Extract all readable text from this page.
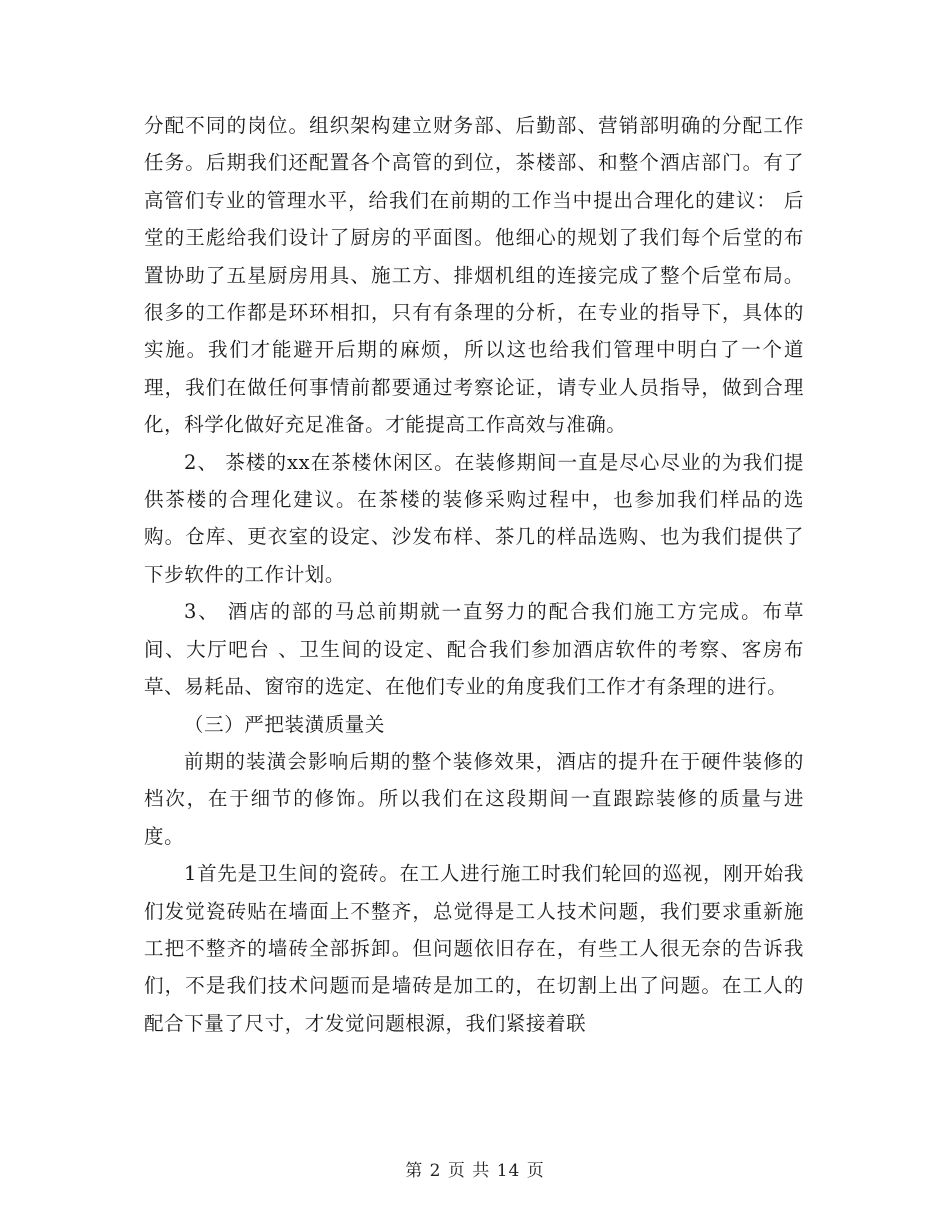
分配不同的岗位。组织架构建立财务部、后勤部、营销部明确的分配工作任务。后期我们还配置各个高管的到位，茶楼部、和整个酒店部门。有了高管们专业的管理水平，给我们在前期的工作当中提出合理化的建议： 后堂的王彪给我们设计了厨房的平面图。他细心的规划了我们每个后堂的布置协助了五星厨房用具、施工方、排烟机组的连接完成了整个后堂布局。很多的工作都是环环相扣，只有有条理的分析，在专业的指导下，具体的实施。我们才能避开后期的麻烦，所以这也给我们管理中明白了一个道理，我们在做任何事情前都要通过考察论证，请专业人员指导，做到合理化，科学化做好充足准备。才能提高工作高效与准确。

2、 茶楼的xx在茶楼休闲区。在装修期间一直是尽心尽业的为我们提供茶楼的合理化建议。在茶楼的装修采购过程中，也参加我们样品的选购。仓库、更衣室的设定、沙发布样、茶几的样品选购、也为我们提供了下步软件的工作计划。

3、 酒店的部的马总前期就一直努力的配合我们施工方完成。布草间、大厅吧台 、卫生间的设定、配合我们参加酒店软件的考察、客房布草、易耗品、窗帘的选定、在他们专业的角度我们工作才有条理的进行。

（三）严把装潢质量关

前期的装潢会影响后期的整个装修效果，酒店的提升在于硬件装修的档次，在于细节的修饰。所以我们在这段期间一直跟踪装修的质量与进度。

1首先是卫生间的瓷砖。在工人进行施工时我们轮回的巡视，刚开始我们发觉瓷砖贴在墙面上不整齐，总觉得是工人技术问题，我们要求重新施工把不整齐的墙砖全部拆卸。但问题依旧存在，有些工人很无奈的告诉我们，不是我们技术问题而是墙砖是加工的，在切割上出了问题。在工人的配合下量了尺寸，才发觉问题根源，我们紧接着联

第 2 页 共 14 页
